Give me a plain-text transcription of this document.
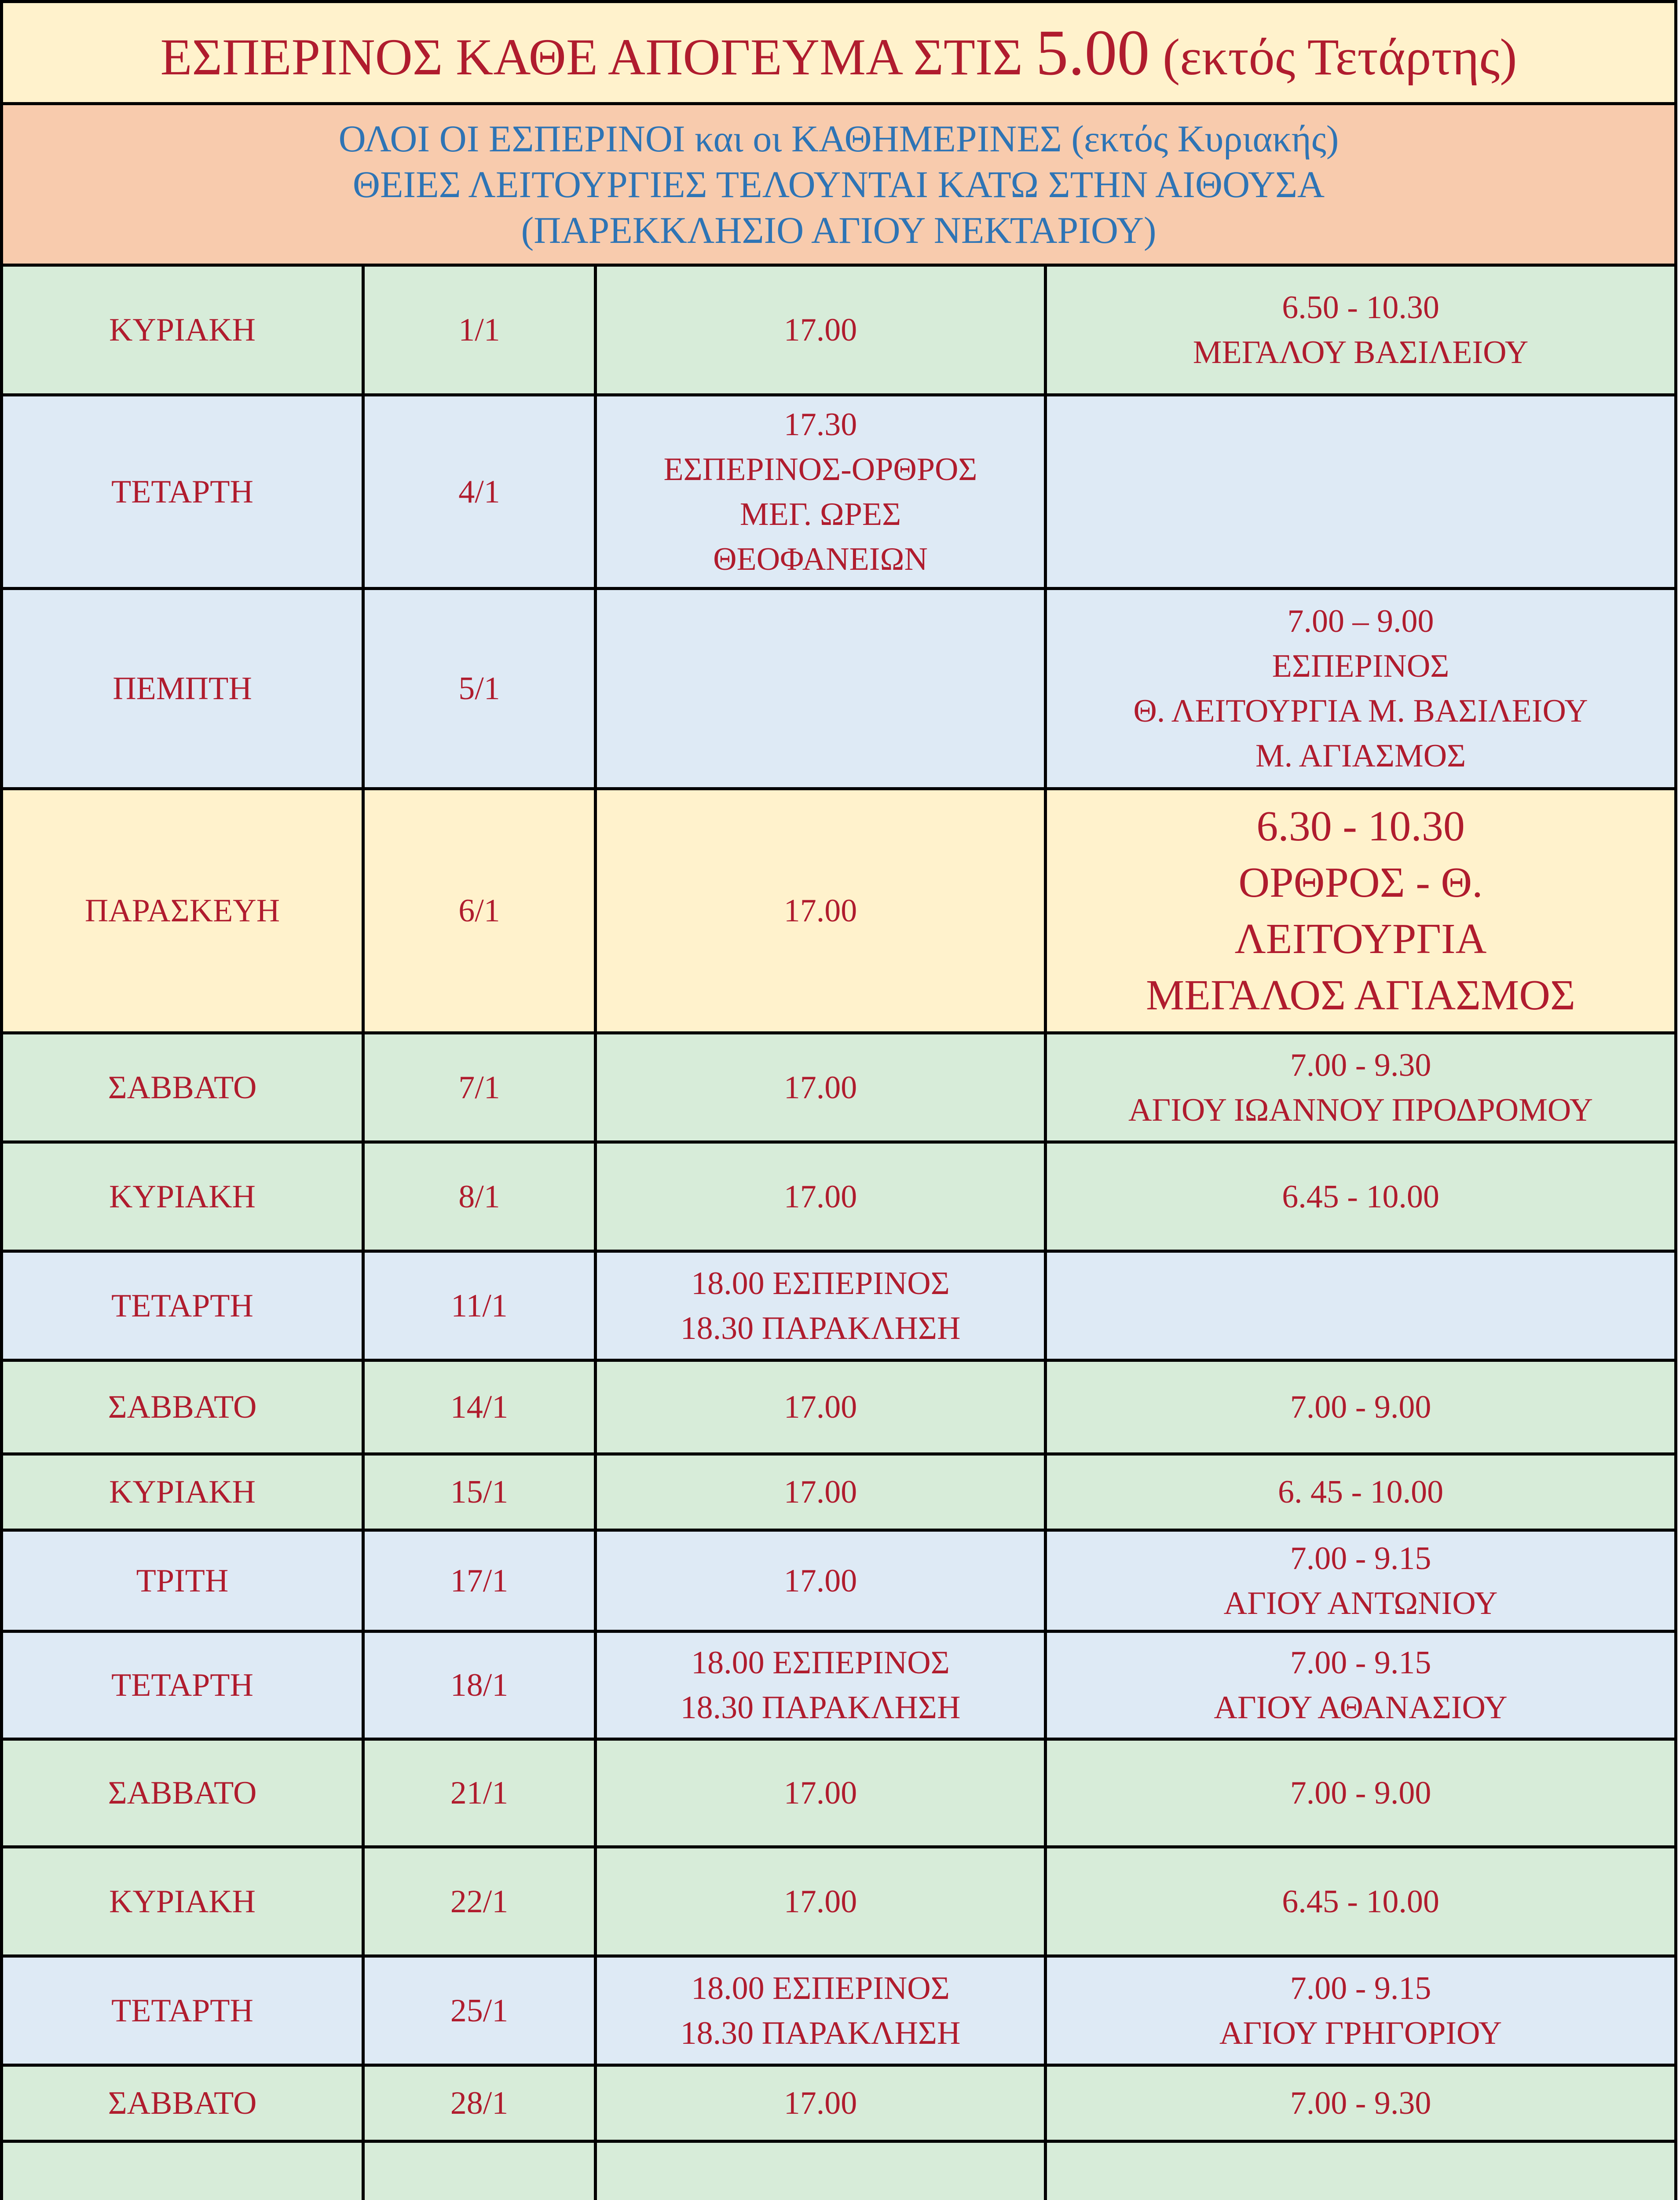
ΕΣΠΕΡΙΝΟΣ ΚΑΘΕ ΑΠΟΓΕΥΜΑ ΣΤΙΣ 5.00 (εκτός Τετάρτης)			

ΟΛΟΙ ΟΙ ΕΣΠΕΡΙΝΟΙ και οι ΚΑΘΗΜΕΡΙΝΕΣ (εκτός Κυριακής)
ΘΕΙΕΣ ΛΕΙΤΟΥΡΓΙΕΣ ΤΕΛΟΥΝΤΑΙ ΚΑΤΩ ΣΤΗΝ ΑΙΘΟΥΣΑ
(ΠΑΡΕΚΚΛΗΣΙΟ ΑΓΙΟΥ ΝΕΚΤΑΡΙΟΥ)			

ΚΥΡΙΑΚΗ	1/1	17.00	6.50 - 10.30
ΜΕΓΑΛΟΥ ΒΑΣΙΛΕΙΟΥ

ΤΕΤΑΡΤΗ	4/1	17.30
ΕΣΠΕΡΙΝΟΣ-ΟΡΘΡΟΣ
ΜΕΓ. ΩΡΕΣ
ΘΕΟΦΑΝΕΙΩΝ	

ΠΕΜΠΤΗ	5/1		7.00 – 9.00
ΕΣΠΕΡΙΝΟΣ
Θ. ΛΕΙΤΟΥΡΓΙΑ Μ. ΒΑΣΙΛΕΙΟΥ
Μ. ΑΓΙΑΣΜΟΣ

ΠΑΡΑΣΚΕΥΗ	6/1	17.00	6.30 - 10.30
ΟΡΘΡΟΣ - Θ.
ΛΕΙΤΟΥΡΓΙΑ
ΜΕΓΑΛΟΣ ΑΓΙΑΣΜΟΣ

ΣΑΒΒΑΤΟ	7/1	17.00	7.00 - 9.30
ΑΓΙΟΥ ΙΩΑΝΝΟΥ ΠΡΟΔΡΟΜΟΥ

ΚΥΡΙΑΚΗ	8/1	17.00	6.45 - 10.00

ΤΕΤΑΡΤΗ	11/1	18.00 ΕΣΠΕΡΙΝΟΣ
18.30 ΠΑΡΑΚΛΗΣΗ	

ΣΑΒΒΑΤΟ	14/1	17.00	7.00 - 9.00

ΚΥΡΙΑΚΗ	15/1	17.00	6. 45 - 10.00

ΤΡΙΤΗ	17/1	17.00	7.00 - 9.15
ΑΓΙΟΥ ΑΝΤΩΝΙΟΥ

ΤΕΤΑΡΤΗ	18/1	18.00 ΕΣΠΕΡΙΝΟΣ
18.30 ΠΑΡΑΚΛΗΣΗ	7.00 - 9.15
ΑΓΙΟΥ ΑΘΑΝΑΣΙΟΥ

ΣΑΒΒΑΤΟ	21/1	17.00	7.00 - 9.00

ΚΥΡΙΑΚΗ	22/1	17.00	6.45 - 10.00

ΤΕΤΑΡΤΗ	25/1	18.00 ΕΣΠΕΡΙΝΟΣ
18.30 ΠΑΡΑΚΛΗΣΗ	7.00 - 9.15
ΑΓΙΟΥ ΓΡΗΓΟΡΙΟΥ

ΣΑΒΒΑΤΟ	28/1	17.00	7.00 - 9.30
